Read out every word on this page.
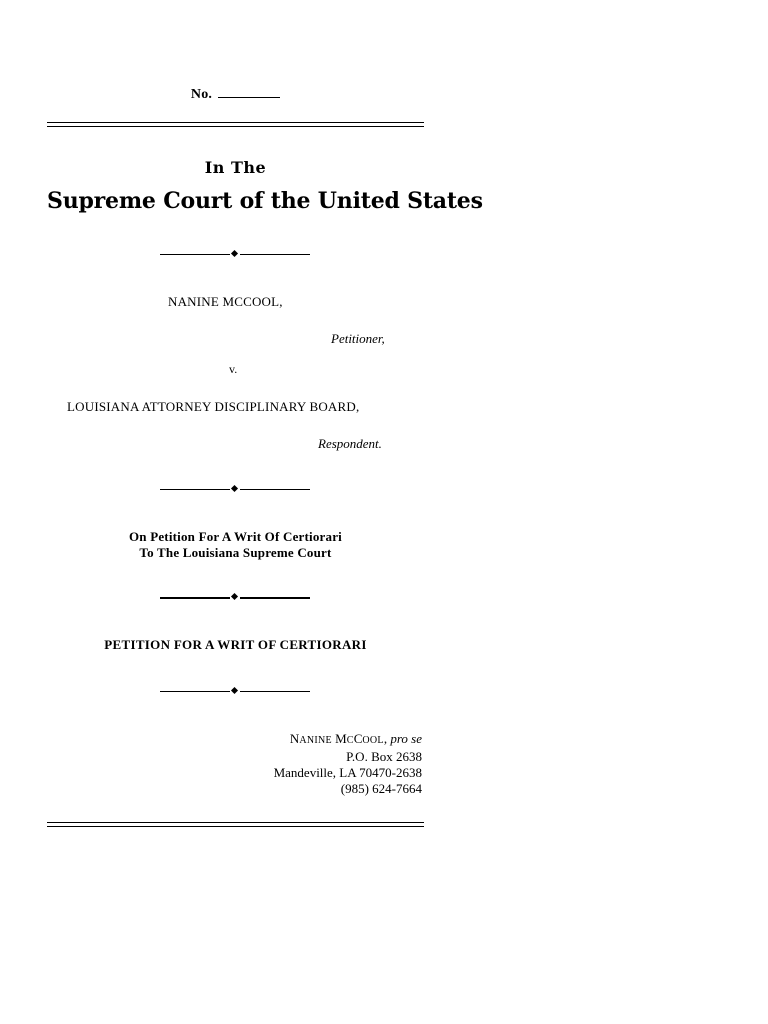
No.
In The
Supreme Court of the United States
NANINE MCCOOL,
Petitioner,
v.
LOUISIANA ATTORNEY DISCIPLINARY BOARD,
Respondent.
On Petition For A Writ Of Certiorari
To The Louisiana Supreme Court
PETITION FOR A WRIT OF CERTIORARI
NANINE MCCOOL, pro se
P.O. Box 2638
Mandeville, LA 70470-2638
(985) 624-7664
